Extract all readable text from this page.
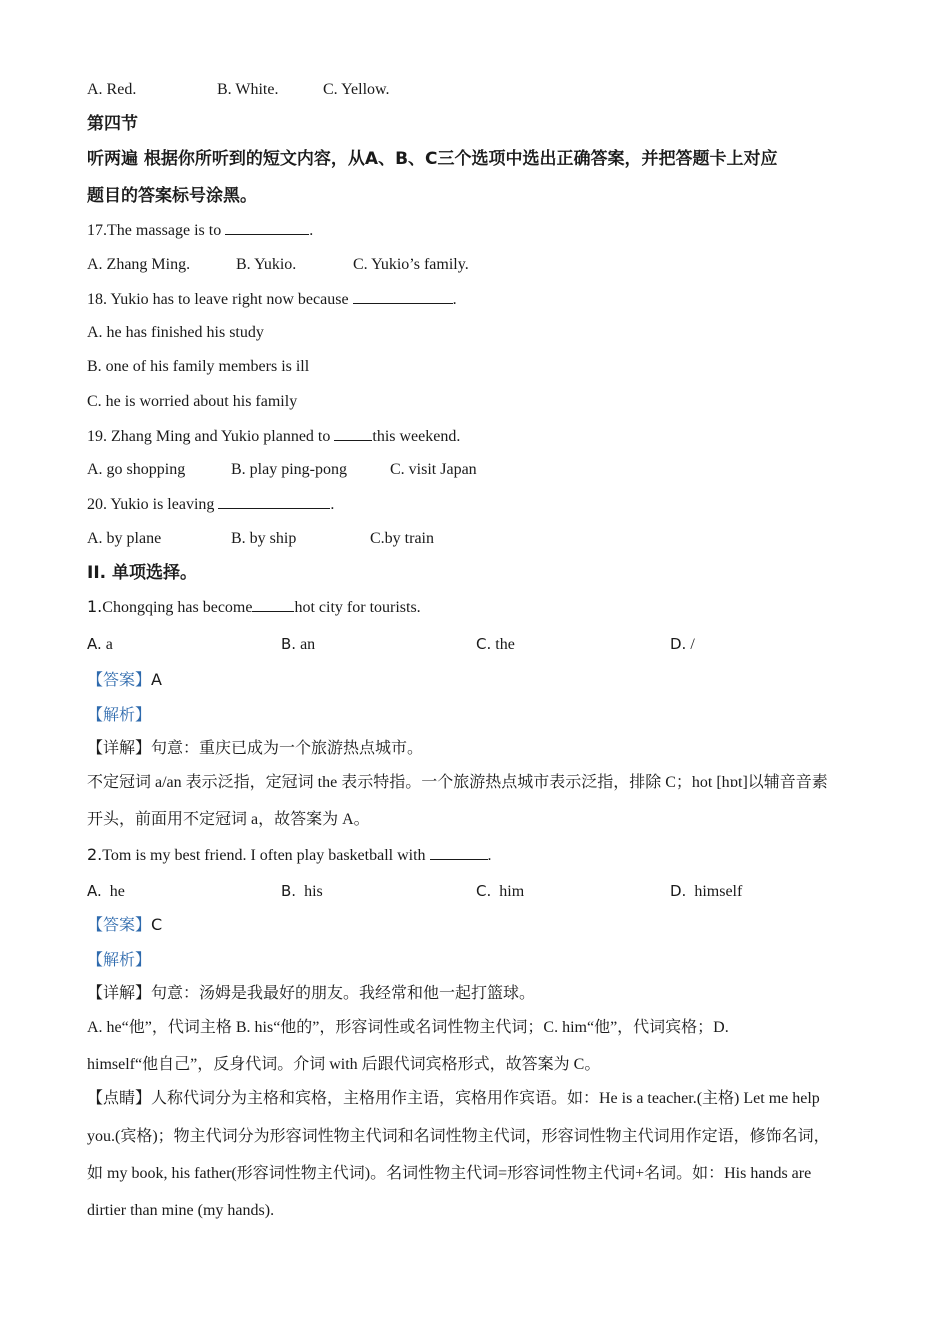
A. Red.	B. White.	C. Yellow.
第四节
听两遍 根据你所听到的短文内容，从A、B、C三个选项中选出正确答案，并把答题卡上对应
题目的答案标号涂黑。
17.The massage is to	.
A. Zhang Ming.	B. Yukio.	C. Yukio’s family.
18. Yukio has to leave right now because	.
A. he has finished his study
B. one of his family members is ill
C. he is worried about his family
19. Zhang Ming and Yukio planned to	this weekend.
A. go shopping	B. play ping-pong	C. visit Japan
20. Yukio is leaving	.
A. by plane	B. by ship	C.by train
II. 单项选择。
1.Chongqing has become	hot city for tourists.
A. a	B. an	C. the	D. /
【答案】A
【解析】
【详解】句意：重庆已成为一个旅游热点城市。
不定冠词 a/an 表示泛指，定冠词 the 表示特指。一个旅游热点城市表示泛指，排除 C；hot [hɒt]以辅音音素
开头，前面用不定冠词 a，故答案为 A。
2.Tom is my best friend. I often play basketball with	.
A. he	B. his	C. him	D. himself
【答案】C
【解析】
【详解】句意：汤姆是我最好的朋友。我经常和他一起打篮球。
A. he“他”，代词主格 B. his“他的”，形容词性或名词性物主代词；C. him“他”，代词宾格；D.
himself“他自己”，反身代词。介词 with 后跟代词宾格形式，故答案为 C。
【点睛】人称代词分为主格和宾格，主格用作主语，宾格用作宾语。如：He is a teacher.(主格) Let me help
you.(宾格)；物主代词分为形容词性物主代词和名词性物主代词，形容词性物主代词用作定语，修饰名词，
如 my book, his father(形容词性物主代词)。名词性物主代词=形容词性物主代词+名词。如：His hands are
dirtier than mine (my hands).
